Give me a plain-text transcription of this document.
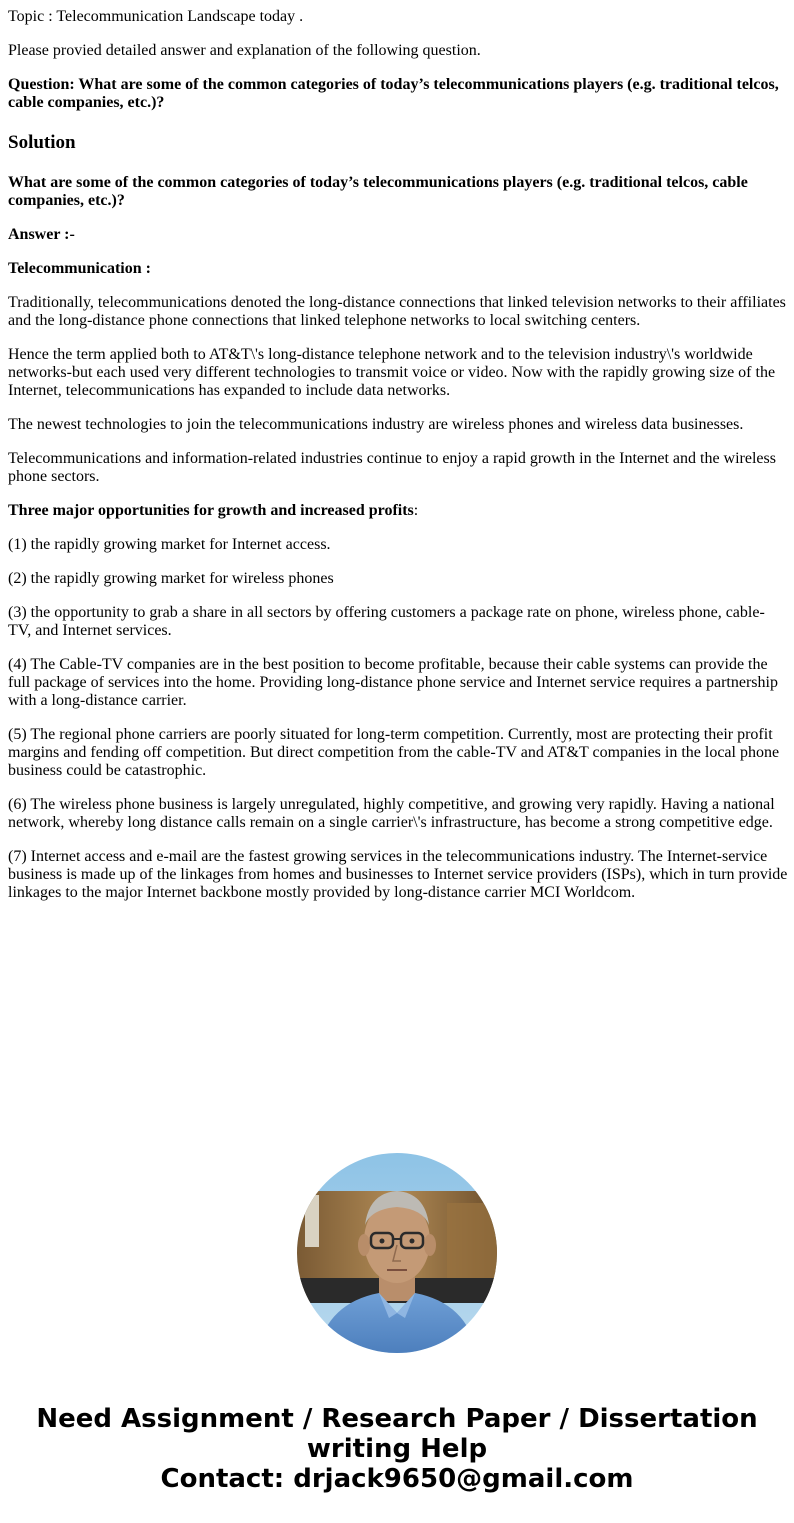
Topic : Telecommunication Landscape today .

Please provied detailed answer and explanation of the following question.

Question: What are some of the common categories of today’s telecommunications players (e.g. traditional telcos, cable companies, etc.)?

Solution

What are some of the common categories of today’s telecommunications players (e.g. traditional telcos, cable companies, etc.)?

Answer :-

Telecommunication :

Traditionally, telecommunications denoted the long-distance connections that linked television networks to their affiliates and the long-distance phone connections that linked telephone networks to local switching centers.

Hence the term applied both to AT&T\'s long-distance telephone network and to the television industry\'s worldwide networks-but each used very different technologies to transmit voice or video. Now with the rapidly growing size of the Internet, telecommunications has expanded to include data networks.

The newest technologies to join the telecommunications industry are wireless phones and wireless data businesses.

Telecommunications and information-related industries continue to enjoy a rapid growth in the Internet and the wireless phone sectors.

Three major opportunities for growth and increased profits:

(1) the rapidly growing market for Internet access.

(2) the rapidly growing market for wireless phones

(3) the opportunity to grab a share in all sectors by offering customers a package rate on phone, wireless phone, cable-TV, and Internet services.

(4) The Cable-TV companies are in the best position to become profitable, because their cable systems can provide the full package of services into the home. Providing long-distance phone service and Internet service requires a partnership with a long-distance carrier.

(5) The regional phone carriers are poorly situated for long-term competition. Currently, most are protecting their profit margins and fending off competition. But direct competition from the cable-TV and AT&T companies in the local phone business could be catastrophic.

(6) The wireless phone business is largely unregulated, highly competitive, and growing very rapidly. Having a national network, whereby long distance calls remain on a single carrier\'s infrastructure, has become a strong competitive edge.

(7) Internet access and e-mail are the fastest growing services in the telecommunications industry. The Internet-service business is made up of the linkages from homes and businesses to Internet service providers (ISPs), which in turn provide linkages to the major Internet backbone mostly provided by long-distance carrier MCI Worldcom.

Need Assignment / Research Paper / Dissertation
writing Help
Contact: drjack9650@gmail.com
